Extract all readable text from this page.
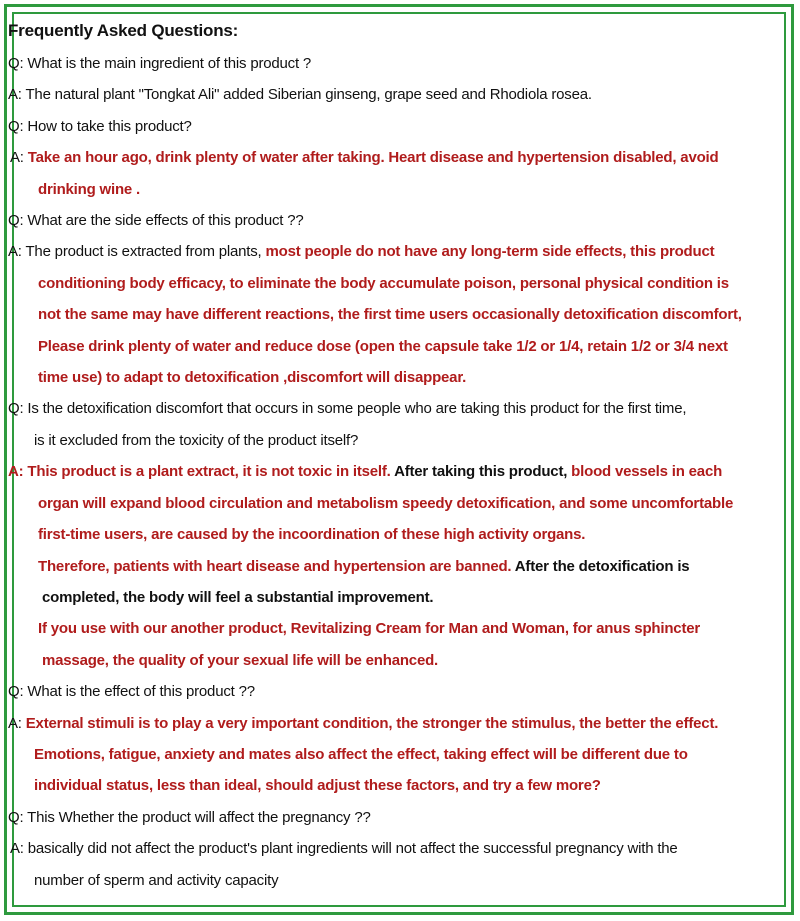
Frequently Asked Questions:
Q: What is the main ingredient of this product ?
A: The natural plant "Tongkat Ali" added Siberian ginseng, grape seed and Rhodiola rosea.
Q: How to take this product?
A: Take an hour ago, drink plenty of water after taking. Heart disease and hypertension disabled, avoid
drinking wine .
Q: What are the side effects of this product ??
A: The product is extracted from plants, most people do not have any long-term side effects, this product
conditioning body efficacy, to eliminate the body accumulate poison, personal physical condition is
not the same may have different reactions, the first time users occasionally detoxification discomfort,
Please drink plenty of water and reduce dose (open the capsule take 1/2 or 1/4, retain 1/2 or 3/4 next
time use) to adapt to detoxification ,discomfort will disappear.
Q: Is the detoxification discomfort that occurs in some people who are taking this product for the first time,
is it excluded from the toxicity of the product itself?
A: This product is a plant extract, it is not toxic in itself. After taking this product, blood vessels in each
organ will expand blood circulation and metabolism speedy detoxification, and some uncomfortable
first-time users, are caused by the incoordination of these high activity organs.
Therefore, patients with heart disease and hypertension are banned. After the detoxification is
completed, the body will feel a substantial improvement.
If you use with our another product, Revitalizing Cream for Man and Woman, for anus sphincter
massage, the quality of your sexual life will be enhanced.
Q: What is the effect of this product ??
A: External stimuli is to play a very important condition, the stronger the stimulus, the better the effect.
Emotions, fatigue, anxiety and mates also affect the effect, taking effect will be different due to
individual status, less than ideal, should adjust these factors, and try a few more?
Q: This Whether the product will affect the pregnancy ??
A: basically did not affect the product's plant ingredients will not affect the successful pregnancy with the
number of sperm and activity capacity
